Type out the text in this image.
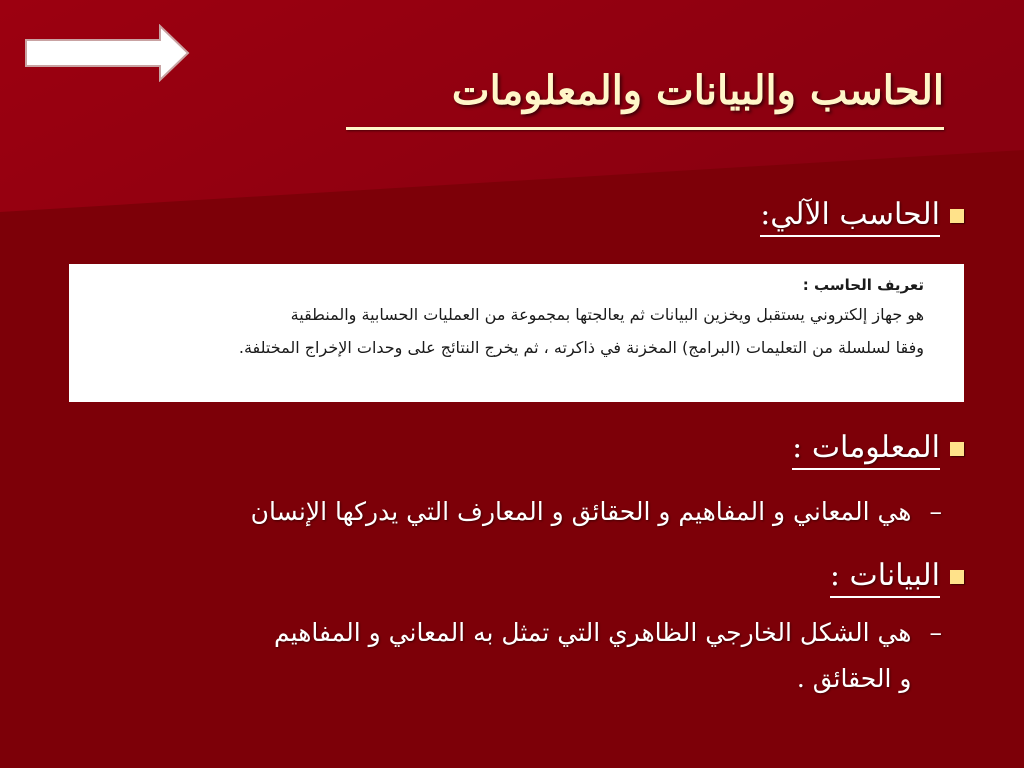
الحاسب والبيانات والمعلومات
الحاسب الآلي:
تعريف الحاسب :
هو جهاز إلكتروني يستقبل ويخزين البيانات ثم يعالجتها بمجموعة من العمليات الحسابية والمنطقية
وفقا لسلسلة من التعليمات (البرامج) المخزنة في ذاكرته ، ثم يخرج النتائج على وحدات الإخراج المختلفة.
المعلومات :
–
هي المعاني و المفاهيم و الحقائق و المعارف التي يدركها الإنسان
البيانات :
–
هي الشكل الخارجي الظاهري التي تمثل به المعاني و المفاهيم
و الحقائق .
